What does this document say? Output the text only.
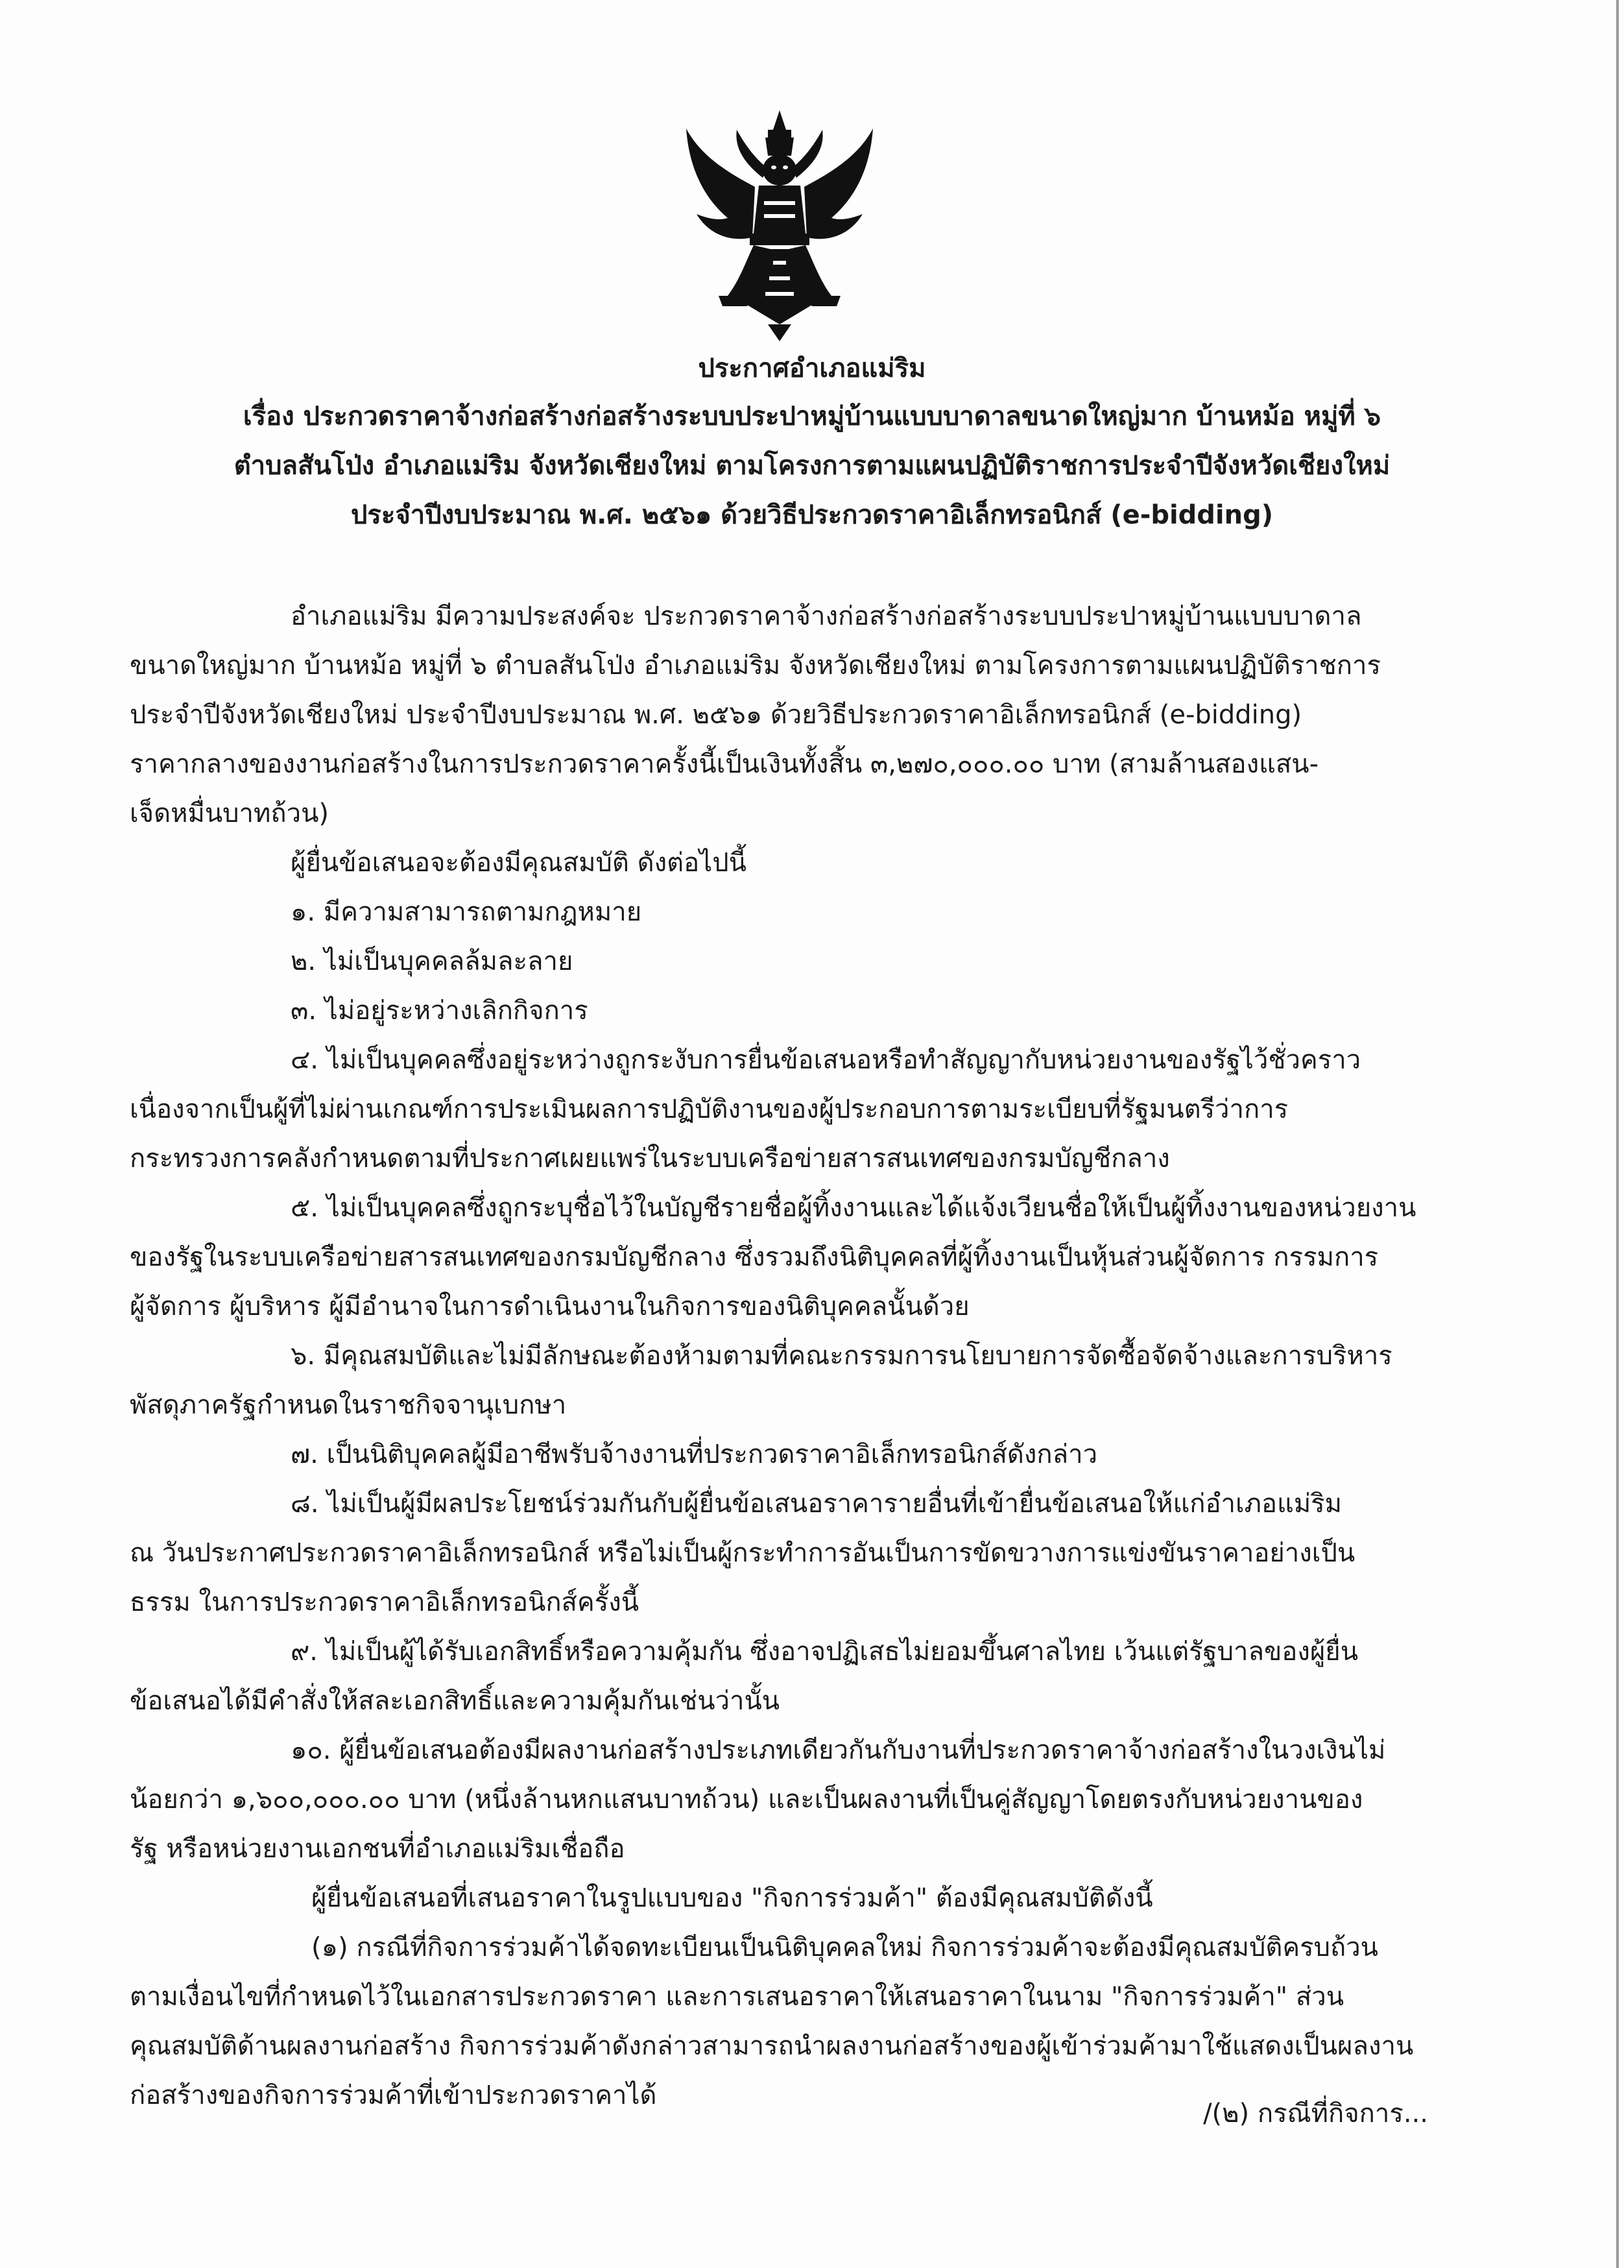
ประกาศอำเภอแม่ริม
เรื่อง ประกวดราคาจ้างก่อสร้างก่อสร้างระบบประปาหมู่บ้านแบบบาดาลขนาดใหญ่มาก บ้านหม้อ หมู่ที่ ๖
ตำบลสันโป่ง อำเภอแม่ริม จังหวัดเชียงใหม่ ตามโครงการตามแผนปฏิบัติราชการประจำปีจังหวัดเชียงใหม่
ประจำปีงบประมาณ พ.ศ. ๒๕๖๑ ด้วยวิธีประกวดราคาอิเล็กทรอนิกส์ (e-bidding)
อำเภอแม่ริม มีความประสงค์จะ ประกวดราคาจ้างก่อสร้างก่อสร้างระบบประปาหมู่บ้านแบบบาดาล
ขนาดใหญ่มาก บ้านหม้อ หมู่ที่ ๖ ตำบลสันโป่ง อำเภอแม่ริม จังหวัดเชียงใหม่ ตามโครงการตามแผนปฏิบัติราชการ
ประจำปีจังหวัดเชียงใหม่ ประจำปีงบประมาณ พ.ศ. ๒๕๖๑ ด้วยวิธีประกวดราคาอิเล็กทรอนิกส์ (e-bidding)
ราคากลางของงานก่อสร้างในการประกวดราคาครั้งนี้เป็นเงินทั้งสิ้น ๓,๒๗๐,๐๐๐.๐๐ บาท (สามล้านสองแสน-
เจ็ดหมื่นบาทถ้วน)
ผู้ยื่นข้อเสนอจะต้องมีคุณสมบัติ ดังต่อไปนี้
๑. มีความสามารถตามกฎหมาย
๒. ไม่เป็นบุคคลล้มละลาย
๓. ไม่อยู่ระหว่างเลิกกิจการ
๔. ไม่เป็นบุคคลซึ่งอยู่ระหว่างถูกระงับการยื่นข้อเสนอหรือทำสัญญากับหน่วยงานของรัฐไว้ชั่วคราว
เนื่องจากเป็นผู้ที่ไม่ผ่านเกณฑ์การประเมินผลการปฏิบัติงานของผู้ประกอบการตามระเบียบที่รัฐมนตรีว่าการ
กระทรวงการคลังกำหนดตามที่ประกาศเผยแพร่ในระบบเครือข่ายสารสนเทศของกรมบัญชีกลาง
๕. ไม่เป็นบุคคลซึ่งถูกระบุชื่อไว้ในบัญชีรายชื่อผู้ทิ้งงานและได้แจ้งเวียนชื่อให้เป็นผู้ทิ้งงานของหน่วยงาน
ของรัฐในระบบเครือข่ายสารสนเทศของกรมบัญชีกลาง ซึ่งรวมถึงนิติบุคคลที่ผู้ทิ้งงานเป็นหุ้นส่วนผู้จัดการ กรรมการ
ผู้จัดการ ผู้บริหาร ผู้มีอำนาจในการดำเนินงานในกิจการของนิติบุคคลนั้นด้วย
๖. มีคุณสมบัติและไม่มีลักษณะต้องห้ามตามที่คณะกรรมการนโยบายการจัดซื้อจัดจ้างและการบริหาร
พัสดุภาครัฐกำหนดในราชกิจจานุเบกษา
๗. เป็นนิติบุคคลผู้มีอาชีพรับจ้างงานที่ประกวดราคาอิเล็กทรอนิกส์ดังกล่าว
๘. ไม่เป็นผู้มีผลประโยชน์ร่วมกันกับผู้ยื่นข้อเสนอราคารายอื่นที่เข้ายื่นข้อเสนอให้แก่อำเภอแม่ริม
ณ วันประกาศประกวดราคาอิเล็กทรอนิกส์ หรือไม่เป็นผู้กระทำการอันเป็นการขัดขวางการแข่งขันราคาอย่างเป็น
ธรรม ในการประกวดราคาอิเล็กทรอนิกส์ครั้งนี้
๙. ไม่เป็นผู้ได้รับเอกสิทธิ์หรือความคุ้มกัน ซึ่งอาจปฏิเสธไม่ยอมขึ้นศาลไทย เว้นแต่รัฐบาลของผู้ยื่น
ข้อเสนอได้มีคำสั่งให้สละเอกสิทธิ์และความคุ้มกันเช่นว่านั้น
๑๐. ผู้ยื่นข้อเสนอต้องมีผลงานก่อสร้างประเภทเดียวกันกับงานที่ประกวดราคาจ้างก่อสร้างในวงเงินไม่
น้อยกว่า ๑,๖๐๐,๐๐๐.๐๐ บาท (หนึ่งล้านหกแสนบาทถ้วน) และเป็นผลงานที่เป็นคู่สัญญาโดยตรงกับหน่วยงานของ
รัฐ หรือหน่วยงานเอกชนที่อำเภอแม่ริมเชื่อถือ
ผู้ยื่นข้อเสนอที่เสนอราคาในรูปแบบของ "กิจการร่วมค้า" ต้องมีคุณสมบัติดังนี้
(๑) กรณีที่กิจการร่วมค้าได้จดทะเบียนเป็นนิติบุคคลใหม่ กิจการร่วมค้าจะต้องมีคุณสมบัติครบถ้วน
ตามเงื่อนไขที่กำหนดไว้ในเอกสารประกวดราคา และการเสนอราคาให้เสนอราคาในนาม "กิจการร่วมค้า" ส่วน
คุณสมบัติด้านผลงานก่อสร้าง กิจการร่วมค้าดังกล่าวสามารถนำผลงานก่อสร้างของผู้เข้าร่วมค้ามาใช้แสดงเป็นผลงาน
ก่อสร้างของกิจการร่วมค้าที่เข้าประกวดราคาได้
/(๒) กรณีที่กิจการ...
